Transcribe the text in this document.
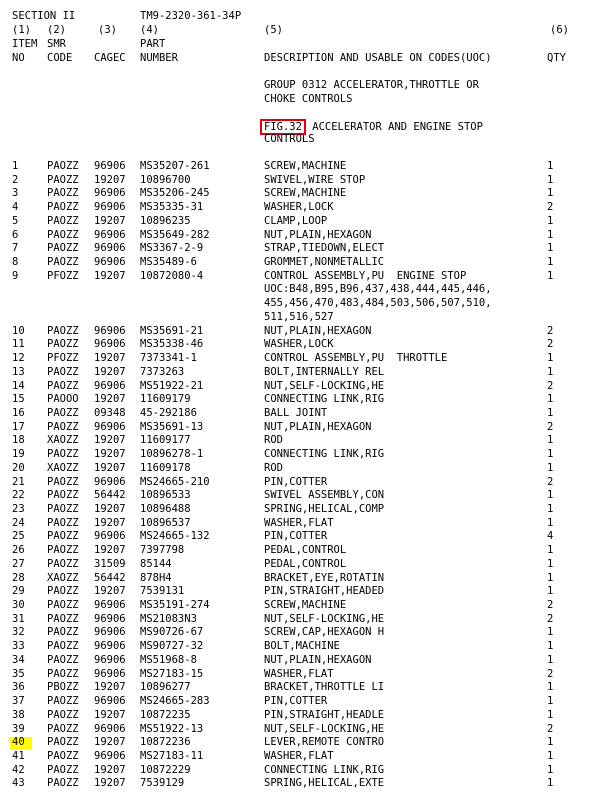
SECTION II	TM9-2320-361-34P
(1) (2)	(3) (4)	(5)	(6)
ITEM SMR	PART
NO CODE CAGEC NUMBER	DESCRIPTION AND USABLE ON CODES(UOC)	QTY
GROUP 0312 ACCELERATOR,THROTTLE OR
CHOKE CONTROLS
FIG.32 ACCELERATOR AND ENGINE STOP
CONTROLS
1	PAOZZ 96906 MS35207-261	SCREW,MACHINE	1
2	PAOZZ 19207 10896700	SWIVEL,WIRE STOP	1
3	PAOZZ 96906 MS35206-245	SCREW,MACHINE	1
4	PAOZZ 96906 MS35335-31	WASHER,LOCK	2
5	PAOZZ 19207 10896235	CLAMP,LOOP	1
6	PAOZZ 96906 MS35649-282	NUT,PLAIN,HEXAGON	1
7	PAOZZ 96906 MS3367-2-9	STRAP,TIEDOWN,ELECT	1
8	PAOZZ 96906 MS35489-6	GROMMET,NONMETALLIC	1
9	PFOZZ 19207 10872080-4	CONTROL ASSEMBLY,PU  ENGINE STOP	1
UOC:B48,B95,B96,437,438,444,445,446,
455,456,470,483,484,503,506,507,510,
511,516,527
10 PAOZZ 96906 MS35691-21	NUT,PLAIN,HEXAGON	2
11 PAOZZ 96906 MS35338-46	WASHER,LOCK	2
12 PFOZZ 19207 7373341-1	CONTROL ASSEMBLY,PU  THROTTLE	1
13 PAOZZ 19207 7373263	BOLT,INTERNALLY REL	1
14 PAOZZ 96906 MS51922-21	NUT,SELF-LOCKING,HE	2
15 PAOOO 19207 11609179	CONNECTING LINK,RIG	1
16 PAOZZ 09348 45-292186	BALL JOINT	1
17 PAOZZ 96906 MS35691-13	NUT,PLAIN,HEXAGON	2
18 XAOZZ 19207 11609177	ROD	1
19 PAOZZ 19207 10896278-1	CONNECTING LINK,RIG	1
20 XAOZZ 19207 11609178	ROD	1
21 PAOZZ 96906 MS24665-210	PIN,COTTER	2
22 PAOZZ 56442 10896533	SWIVEL ASSEMBLY,CON	1
23 PAOZZ 19207 10896488	SPRING,HELICAL,COMP	1
24 PAOZZ 19207 10896537	WASHER,FLAT	1
25 PAOZZ 96906 MS24665-132	PIN,COTTER	4
26 PAOZZ 19207 7397798	PEDAL,CONTROL	1
27 PAOZZ 31509 85144	PEDAL,CONTROL	1
28 XAOZZ 56442 878H4	BRACKET,EYE,ROTATIN	1
29 PAOZZ 19207 7539131	PIN,STRAIGHT,HEADED	1
30 PAOZZ 96906 MS35191-274	SCREW,MACHINE	2
31 PAOZZ 96906 MS21083N3	NUT,SELF-LOCKING,HE	2
32 PAOZZ 96906 MS90726-67	SCREW,CAP,HEXAGON H	1
33 PAOZZ 96906 MS90727-32	BOLT,MACHINE	1
34 PAOZZ 96906 MS51968-8	NUT,PLAIN,HEXAGON	1
35 PAOZZ 96906 MS27183-15	WASHER,FLAT	2
36 PBOZZ 19207 10896277	BRACKET,THROTTLE LI	1
37 PAOZZ 96906 MS24665-283	PIN,COTTER	1
38 PAOZZ 19207 10872235	PIN,STRAIGHT,HEADLE	1
39 PAOZZ 96906 MS51922-13	NUT,SELF-LOCKING,HE	2
40 PAOZZ 19207 10872236	LEVER,REMOTE CONTRO	1
41 PAOZZ 96906 MS27183-11	WASHER,FLAT	1
42 PAOZZ 19207 10872229	CONNECTING LINK,RIG	1
43 PAOZZ 19207 7539129	SPRING,HELICAL,EXTE	1
